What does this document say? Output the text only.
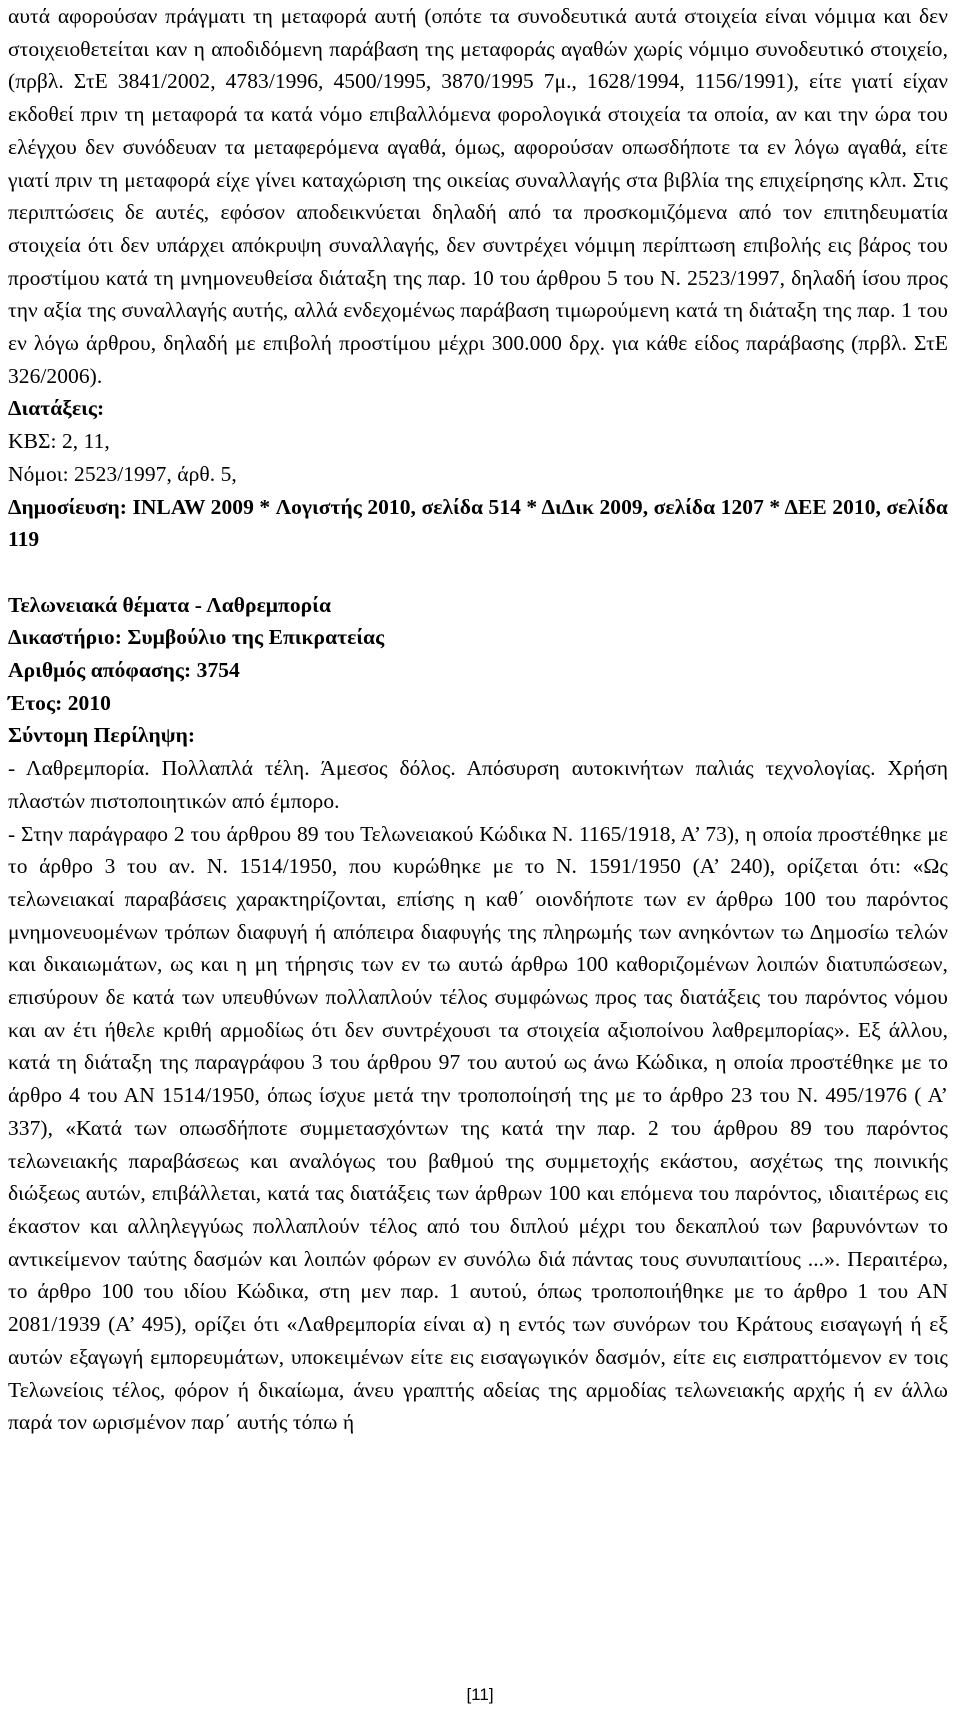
αυτά αφορούσαν πράγματι τη μεταφορά αυτή (οπότε τα συνοδευτικά αυτά στοιχεία είναι νόμιμα και δεν στοιχειοθετείται καν η αποδιδόμενη παράβαση της μεταφοράς αγαθών χωρίς νόμιμο συνοδευτικό στοιχείο, (πρβλ. ΣτΕ 3841/2002, 4783/1996, 4500/1995, 3870/1995 7μ., 1628/1994, 1156/1991), είτε γιατί είχαν εκδοθεί πριν τη μεταφορά τα κατά νόμο επιβαλλόμενα φορολογικά στοιχεία τα οποία, αν και την ώρα του ελέγχου δεν συνόδευαν τα μεταφερόμενα αγαθά, όμως, αφορούσαν οπωσδήποτε τα εν λόγω αγαθά, είτε γιατί πριν τη μεταφορά είχε γίνει καταχώριση της οικείας συναλλαγής στα βιβλία της επιχείρησης κλπ. Στις περιπτώσεις δε αυτές, εφόσον αποδεικνύεται δηλαδή από τα προσκομιζόμενα από τον επιτηδευματία στοιχεία ότι δεν υπάρχει απόκρυψη συναλλαγής, δεν συντρέχει νόμιμη περίπτωση επιβολής εις βάρος του προστίμου κατά τη μνημονευθείσα διάταξη της παρ. 10 του άρθρου 5 του Ν. 2523/1997, δηλαδή ίσου προς την αξία της συναλλαγής αυτής, αλλά ενδεχομένως παράβαση τιμωρούμενη κατά τη διάταξη της παρ. 1 του εν λόγω άρθρου, δηλαδή με επιβολή προστίμου μέχρι 300.000 δρχ. για κάθε είδος παράβασης (πρβλ. ΣτΕ 326/2006).

Διατάξεις:
ΚΒΣ: 2, 11,
Νόμοι: 2523/1997, άρθ. 5,

Δημοσίευση: INLAW 2009 * Λογιστής 2010, σελίδα 514 * ΔιΔικ 2009, σελίδα 1207 * ΔΕΕ 2010, σελίδα 119

Τελωνειακά θέματα - Λαθρεμπορία
Δικαστήριο: Συμβούλιο της Επικρατείας
Αριθμός απόφασης: 3754
Έτος: 2010
Σύντομη Περίληψη:

- Λαθρεμπορία. Πολλαπλά τέλη. Άμεσος δόλος. Απόσυρση αυτοκινήτων παλιάς τεχνολογίας. Χρήση πλαστών πιστοποιητικών από έμπορο.

- Στην παράγραφο 2 του άρθρου 89 του Τελωνειακού Κώδικα Ν. 1165/1918, Α’ 73), η οποία προστέθηκε με το άρθρο 3 του αν. Ν. 1514/1950, που κυρώθηκε με το Ν. 1591/1950 (Α’ 240), ορίζεται ότι: «Ως τελωνειακαί παραβάσεις χαρακτηρίζονται, επίσης η καθ΄ οιονδήποτε των εν άρθρω 100 του παρόντος μνημονευομένων τρόπων διαφυγή ή απόπειρα διαφυγής της πληρωμής των ανηκόντων τω Δημοσίω τελών και δικαιωμάτων, ως και η μη τήρησις των εν τω αυτώ άρθρω 100 καθοριζομένων λοιπών διατυπώσεων, επισύρουν δε κατά των υπευθύνων πολλαπλούν τέλος συμφώνως προς τας διατάξεις του παρόντος νόμου και αν έτι ήθελε κριθή αρμοδίως ότι δεν συντρέχουσι τα στοιχεία αξιοποίνου λαθρεμπορίας». Εξ άλλου, κατά τη διάταξη της παραγράφου 3 του άρθρου 97 του αυτού ως άνω Κώδικα, η οποία προστέθηκε με το άρθρο 4 του ΑΝ 1514/1950, όπως ίσχυε μετά την τροποποίησή της με το άρθρο 23 του Ν. 495/1976 ( Α’ 337), «Κατά των οπωσδήποτε συμμετασχόντων της κατά την παρ. 2 του άρθρου 89 του παρόντος τελωνειακής παραβάσεως και αναλόγως του βαθμού της συμμετοχής εκάστου, ασχέτως της ποινικής διώξεως αυτών, επιβάλλεται, κατά τας διατάξεις των άρθρων 100 και επόμενα του παρόντος, ιδιαιτέρως εις έκαστον και αλληλεγγύως πολλαπλούν τέλος από του διπλού μέχρι του δεκαπλού των βαρυνόντων το αντικείμενον ταύτης δασμών και λοιπών φόρων εν συνόλω διά πάντας τους συνυπαιτίους ...». Περαιτέρω, το άρθρο 100 του ιδίου Κώδικα, στη μεν παρ. 1 αυτού, όπως τροποποιήθηκε με το άρθρο 1 του ΑΝ 2081/1939 (Α’ 495), ορίζει ότι «Λαθρεμπορία είναι α) η εντός των συνόρων του Κράτους εισαγωγή ή εξ αυτών εξαγωγή εμπορευμάτων, υποκειμένων είτε εις εισαγωγικόν δασμόν, είτε εις εισπραττόμενον εν τοις Τελωνείοις τέλος, φόρον ή δικαίωμα, άνευ γραπτής αδείας της αρμοδίας τελωνειακής αρχής ή εν άλλω παρά τον ωρισμένον παρ΄ αυτής τόπω ή

[11]
